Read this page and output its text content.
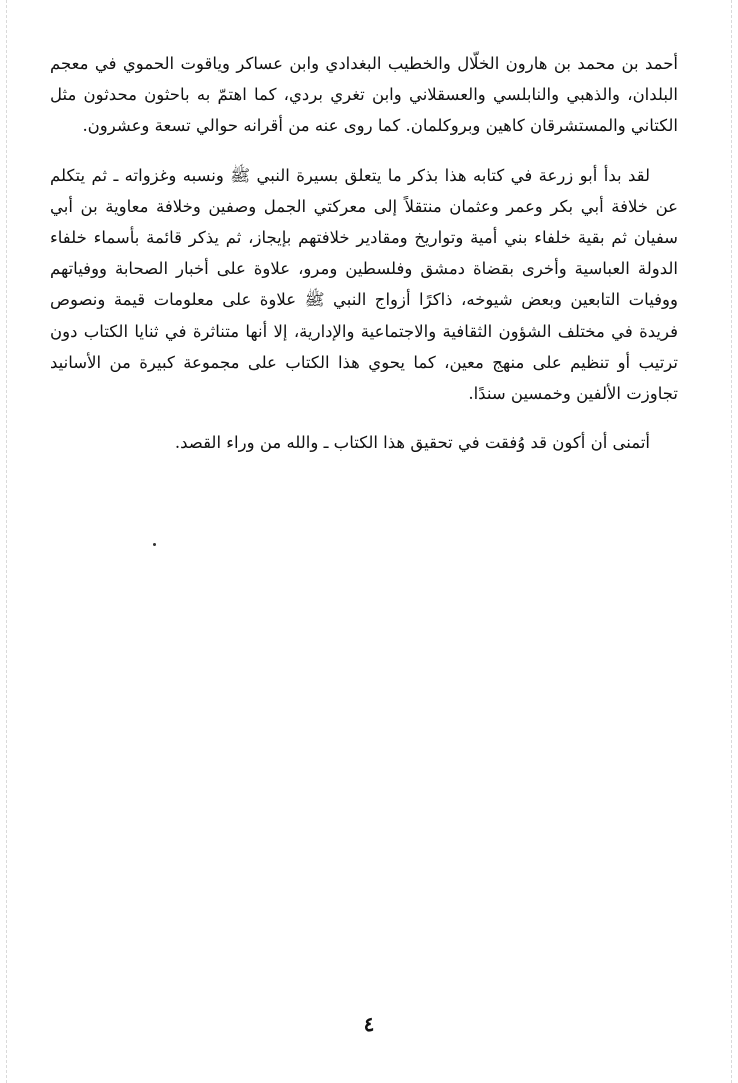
أحمد بن محمد بن هارون الخلّال والخطيب البغدادي وابن عساكر وياقوت الحموي في معجم البلدان، والذهبي والنابلسي والعسقلاني وابن تغري بردي، كما اهتمّ به باحثون محدثون مثل الكتاني والمستشرقان كاهين وبروكلمان. كما روى عنه من أقرانه حوالي تسعة وعشرون.

لقد بدأ أبو زرعة في كتابه هذا بذكر ما يتعلق بسيرة النبي ﷺ ونسبه وغزواته ـ ثم يتكلم عن خلافة أبي بكر وعمر وعثمان منتقلاً إلى معركتي الجمل وصفين وخلافة معاوية بن أبي سفيان ثم بقية خلفاء بني أمية وتواريخ ومقادير خلافتهم بإيجاز، ثم يذكر قائمة بأسماء خلفاء الدولة العباسية وأخرى بقضاة دمشق وفلسطين ومرو، علاوة على أخبار الصحابة ووفياتهم ووفيات التابعين وبعض شيوخه، ذاكرًا أزواج النبي ﷺ علاوة على معلومات قيمة ونصوص فريدة في مختلف الشؤون الثقافية والاجتماعية والإدارية، إلا أنها متناثرة في ثنايا الكتاب دون ترتيب أو تنظيم على منهج معين، كما يحوي هذا الكتاب على مجموعة كبيرة من الأسانيد تجاوزت الألفين وخمسين سندًا.

أتمنى أن أكون قد وُفقت في تحقيق هذا الكتاب ـ والله من وراء القصد.

٤
